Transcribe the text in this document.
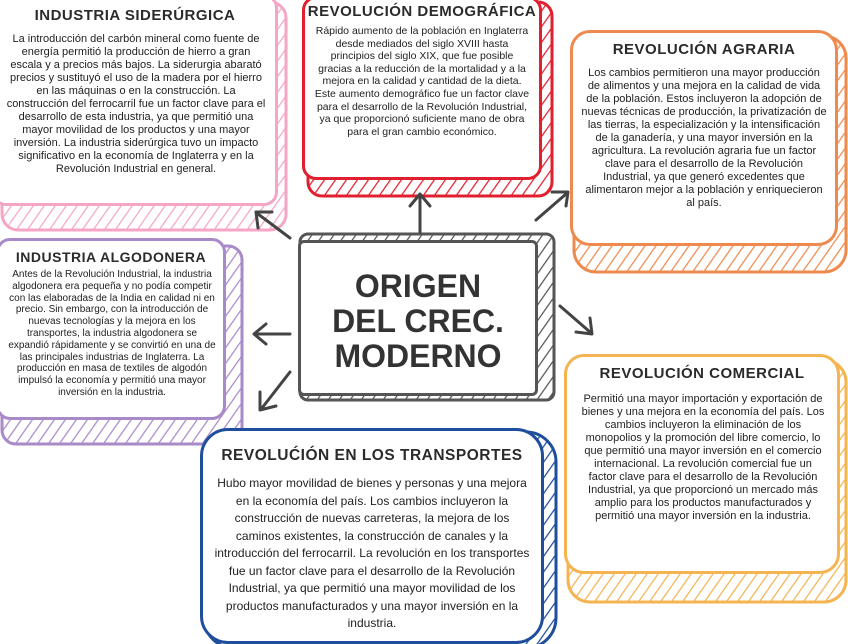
INDUSTRIA SIDERÚRGICA
La introducción del carbón mineral como fuente de energía permitió la producción de hierro a gran escala y a precios más bajos. La siderurgia abarató precios y sustituyó el uso de la madera por el hierro en las máquinas o en la construcción. La construcción del ferrocarril fue un factor clave para el desarrollo de esta industria, ya que permitió una mayor movilidad de los productos y una mayor inversión. La industria siderúrgica tuvo un impacto significativo en la economía de Inglaterra y en la Revolución Industrial en general.
REVOLUCIÓN DEMOGRÁFICA
Rápido aumento de la población en Inglaterra desde mediados del siglo XVIII hasta principios del siglo XIX, que fue posible gracias a la reducción de la mortalidad y a la mejora en la calidad y cantidad de la dieta. Este aumento demográfico fue un factor clave para el desarrollo de la Revolución Industrial, ya que proporcionó suficiente mano de obra para el gran cambio económico.
REVOLUCIÓN AGRARIA
Los cambios permitieron una mayor producción de alimentos y una mejora en la calidad de vida de la población. Estos incluyeron la adopción de nuevas técnicas de producción, la privatización de las tierras, la especialización y la intensificación de la ganadería, y una mayor inversión en la agricultura. La revolución agraria fue un factor clave para el desarrollo de la Revolución Industrial, ya que generó excedentes que alimentaron mejor a la población y enriquecieron al país.
INDUSTRIA ALGODONERA
Antes de la Revolución Industrial, la industria algodonera era pequeña y no podía competir con las elaboradas de la India en calidad ni en precio. Sin embargo, con la introducción de nuevas tecnologías y la mejora en los transportes, la industria algodonera se expandió rápidamente y se convirtió en una de las principales industrias de Inglaterra. La producción en masa de textiles de algodón impulsó la economía y permitió una mayor inversión en la industria.
ORIGEN
DEL CREC.
MODERNO	REVOLUCIÓN COMERCIAL
Permitió una mayor importación y exportación de bienes y una mejora en la economía del país. Los cambios incluyeron la eliminación de los monopolios y la promoción del libre comercio, lo que permitió una mayor inversión en el comercio internacional. La revolución comercial fue un factor clave para el desarrollo de la Revolución Industrial, ya que proporcionó un mercado más amplio para los productos manufacturados y permitió una mayor inversión en la industria.
REVOLUĆIÓN EN LOS TRANSPORTES
Hubo mayor movilidad de bienes y personas y una mejora en la economía del país. Los cambios incluyeron la construcción de nuevas carreteras, la mejora de los caminos existentes, la construcción de canales y la introducción del ferrocarril. La revolución en los transportes fue un factor clave para el desarrollo de la Revolución Industrial, ya que permitió una mayor movilidad de los productos manufacturados y una mayor inversión en la industria.
